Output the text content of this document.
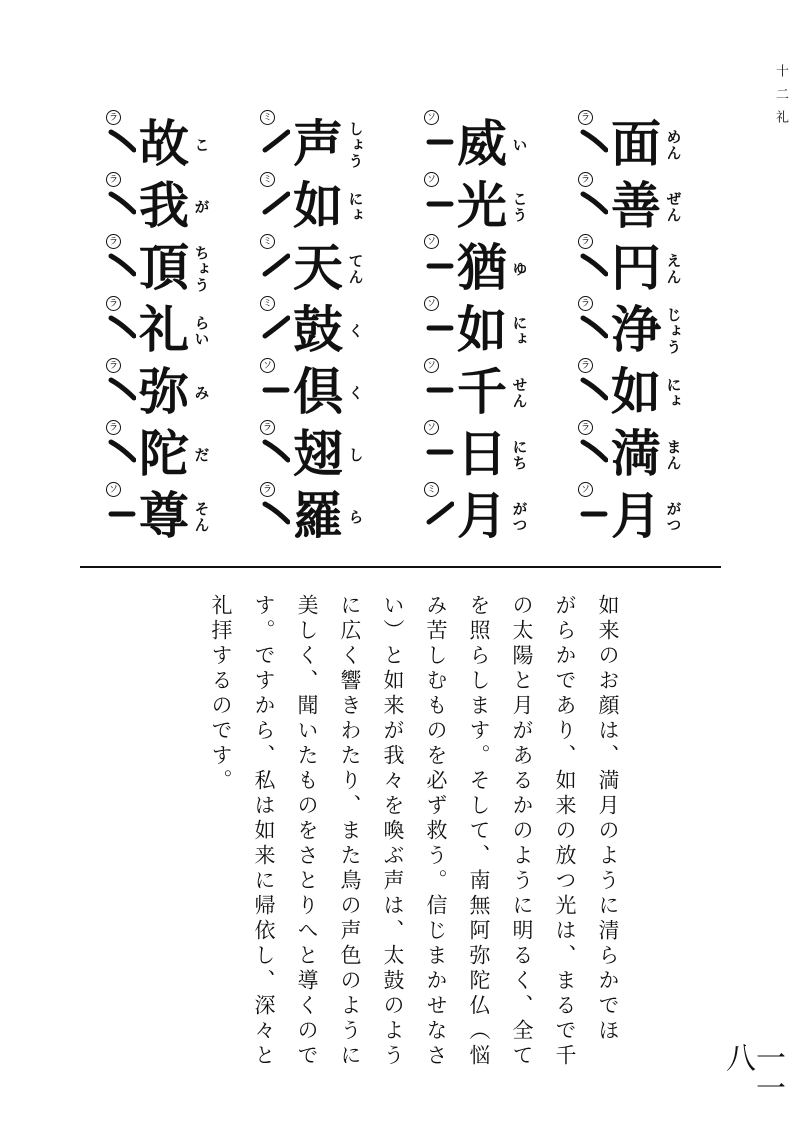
十二礼
ラ
ラ
ラ
ラ
ラ
ラ
ソ
面
善
円
浄
如
満
月
めん
ぜん
えん
じょう
にょ
まん
がつ
ソ
ソ
ソ
ソ
ソ
ソ
ミ
威
光
猶
如
千
日
月
い
こう
ゆ
にょ
せん
にち
がつ
ミ
ミ
ミ
ミ
ソ
ラ
ラ
声
如
天
鼓
倶
翅
羅
しょう
にょ
てん
く
く
し
ら
ラ
ラ
ラ
ラ
ラ
ラ
ソ
故
我
頂
礼
弥
陀
尊
こ
が
ちょう
らい
み
だ
そん
如来のお顔は、満月のように清らかでほ
がらかであり、如来の放つ光は、まるで千
の太陽と月があるかのように明るく、全て
を照らします。そして、南無阿弥陀仏（悩
み苦しむものを必ず救う。信じまかせなさ
い）と如来が我々を喚ぶ声は、太鼓のよう
に広く響きわたり、また鳥の声色のように
美しく、聞いたものをさとりへと導くので
す。ですから、私は如来に帰依し、深々と
礼拝するのです。
一一八
